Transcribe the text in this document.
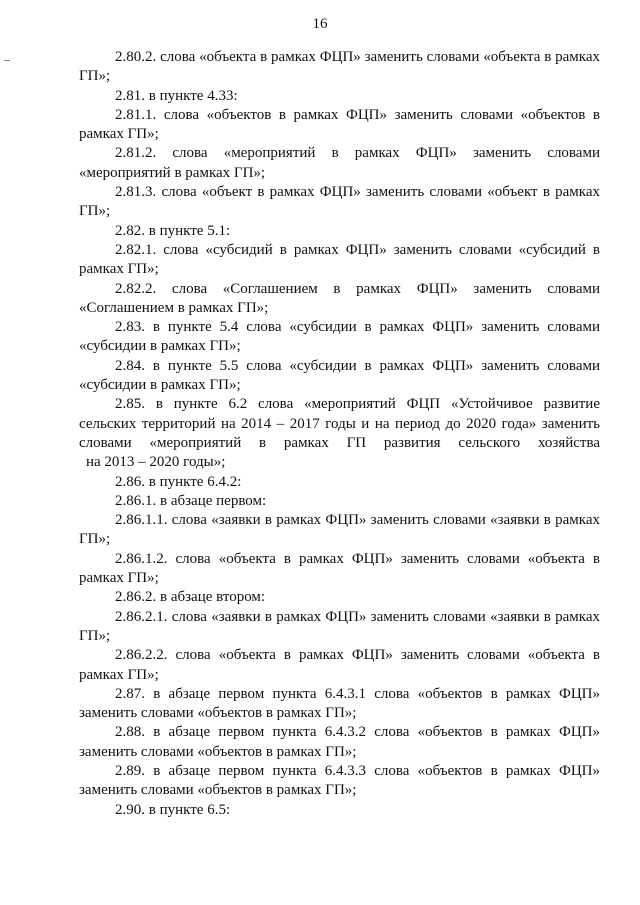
16

2.80.2. слова «объекта в рамках ФЦП» заменить словами «объекта в рамках ГП»;

2.81. в пункте 4.33:

2.81.1. слова «объектов в рамках ФЦП» заменить словами «объектов в рамках ГП»;

2.81.2. слова «мероприятий в рамках ФЦП» заменить словами «мероприятий в рамках ГП»;

2.81.3. слова «объект в рамках ФЦП» заменить словами «объект в рамках ГП»;

2.82. в пункте 5.1:

2.82.1. слова «субсидий в рамках ФЦП» заменить словами «субсидий в рамках ГП»;

2.82.2. слова «Соглашением в рамках ФЦП» заменить словами «Соглашением в рамках ГП»;

2.83. в пункте 5.4 слова «субсидии в рамках ФЦП» заменить словами «субсидии в рамках ГП»;

2.84. в пункте 5.5 слова «субсидии в рамках ФЦП» заменить словами «субсидии в рамках ГП»;

2.85. в пункте 6.2 слова «мероприятий ФЦП «Устойчивое развитие сельских территорий на 2014 – 2017 годы и на период до 2020 года» заменить словами «мероприятий в рамках ГП развития сельского хозяйства

на 2013 – 2020 годы»;

2.86. в пункте 6.4.2:

2.86.1. в абзаце первом:

2.86.1.1. слова «заявки в рамках ФЦП» заменить словами «заявки в рамках ГП»;

2.86.1.2. слова «объекта в рамках ФЦП» заменить словами «объекта в рамках ГП»;

2.86.2. в абзаце втором:

2.86.2.1. слова «заявки в рамках ФЦП» заменить словами «заявки в рамках ГП»;

2.86.2.2. слова «объекта в рамках ФЦП» заменить словами «объекта в рамках ГП»;

2.87. в абзаце первом пункта 6.4.3.1 слова «объектов в рамках ФЦП» заменить словами «объектов в рамках ГП»;

2.88. в абзаце первом пункта 6.4.3.2 слова «объектов в рамках ФЦП» заменить словами «объектов в рамках ГП»;

2.89. в абзаце первом пункта 6.4.3.3 слова «объектов в рамках ФЦП» заменить словами «объектов в рамках ГП»;

2.90. в пункте 6.5:
